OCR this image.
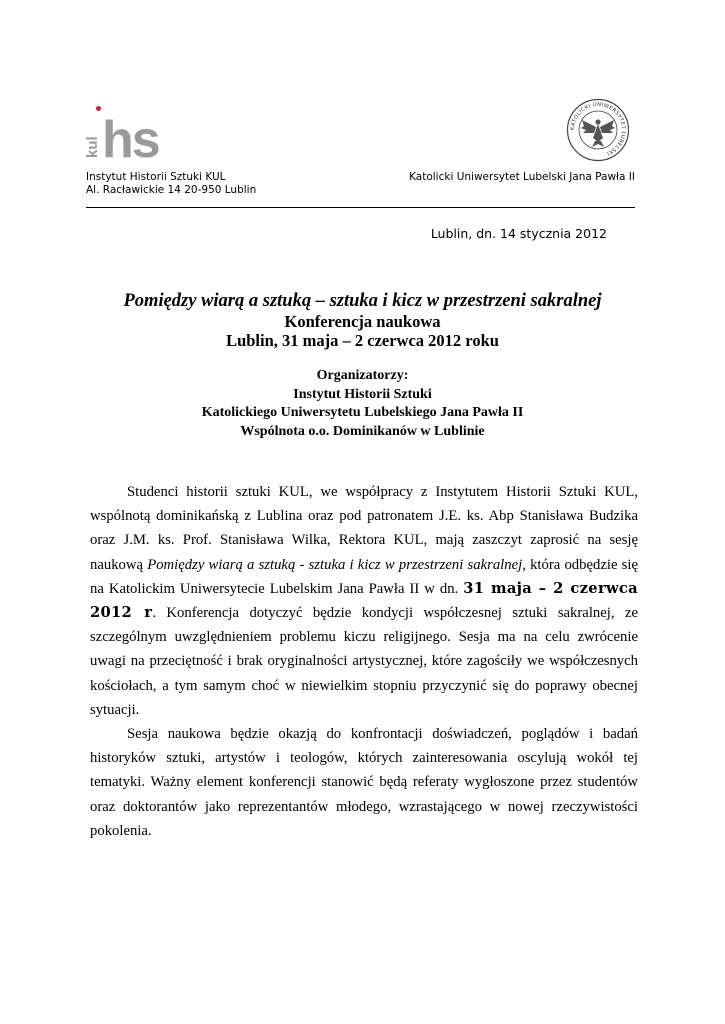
kul hs	KATOLICKI UNIWERSYTET LUBELSKI
Instytut Historii Sztuki KUL
Al. Racławickie 14 20-950 Lublin
Katolicki Uniwersytet Lubelski Jana Pawła II
Lublin, dn. 14 stycznia 2012

Pomiędzy wiarą a sztuką – sztuka i kicz w przestrzeni sakralnej

Konferencja naukowa

Lublin, 31 maja – 2 czerwca 2012 roku

Organizatorzy:
Instytut Historii Sztuki
Katolickiego Uniwersytetu Lubelskiego Jana Pawła II
Wspólnota o.o. Dominikanów w Lublinie

Studenci historii sztuki KUL, we współpracy z Instytutem Historii Sztuki KUL, wspólnotą dominikańską z Lublina oraz pod patronatem J.E. ks. Abp Stanisława Budzika oraz J.M. ks. Prof. Stanisława Wilka, Rektora KUL, mają zaszczyt zaprosić na sesję naukową Pomiędzy wiarą a sztuką - sztuka i kicz w przestrzeni sakralnej, która odbędzie się na Katolickim Uniwersytecie Lubelskim Jana Pawła II w dn. 31 maja – 2 czerwca 2012 r. Konferencja dotyczyć będzie kondycji współczesnej sztuki sakralnej, ze szczególnym uwzględnieniem problemu kiczu religijnego. Sesja ma na celu zwrócenie uwagi na przeciętność i brak oryginalności artystycznej, które zagościły we współczesnych kościołach, a tym samym choć w niewielkim stopniu przyczynić się do poprawy obecnej sytuacji.

Sesja naukowa będzie okazją do konfrontacji doświadczeń, poglądów i badań historyków sztuki, artystów i teologów, których zainteresowania oscylują wokół tej tematyki. Ważny element konferencji stanowić będą referaty wygłoszone przez studentów oraz doktorantów jako reprezentantów młodego, wzrastającego w nowej rzeczywistości pokolenia.
